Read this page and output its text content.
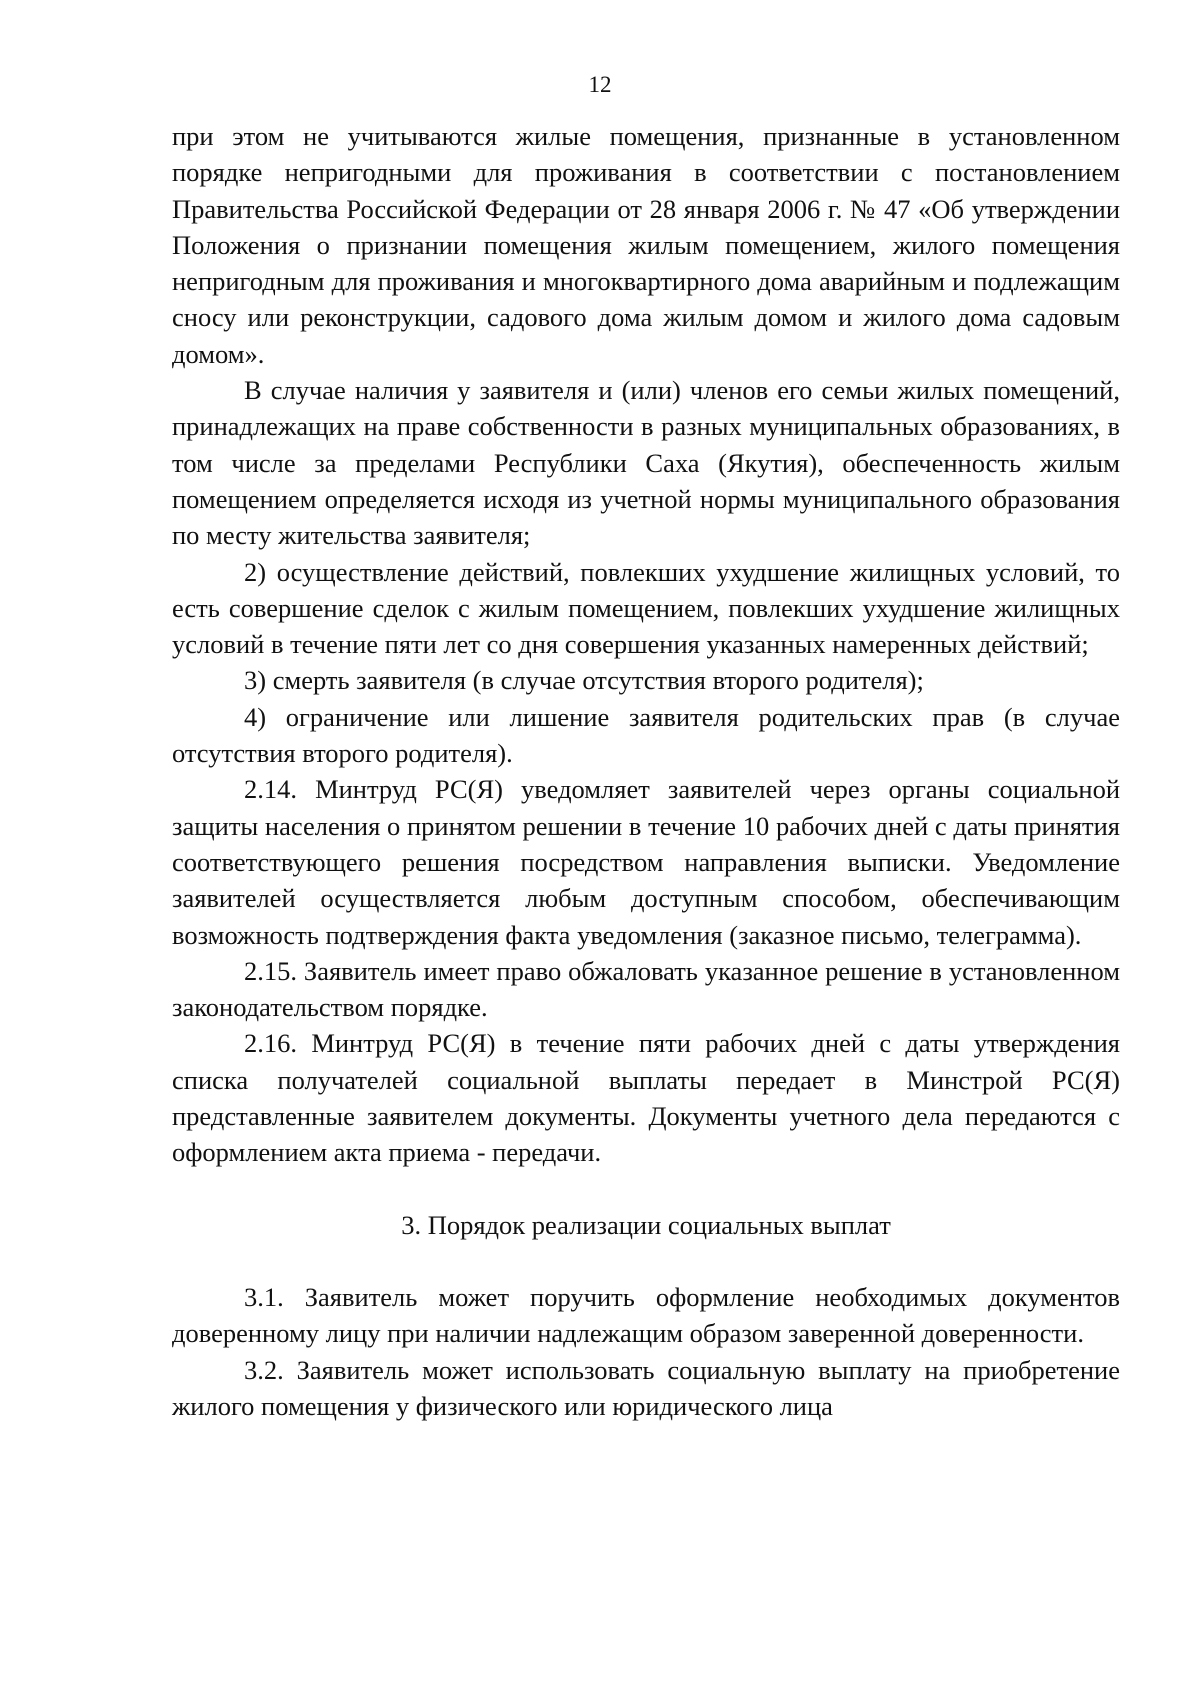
12

при этом не учитываются жилые помещения, признанные в установленном порядке непригодными для проживания в соответствии с постановлением Правительства Российской Федерации от 28 января 2006 г. № 47 «Об утверждении Положения о признании помещения жилым помещением, жилого помещения непригодным для проживания и многоквартирного дома аварийным и подлежащим сносу или реконструкции, садового дома жилым домом и жилого дома садовым домом».

В случае наличия у заявителя и (или) членов его семьи жилых помещений, принадлежащих на праве собственности в разных муниципальных образованиях, в том числе за пределами Республики Саха (Якутия), обеспеченность жилым помещением определяется исходя из учетной нормы муниципального образования по месту жительства заявителя;

2) осуществление действий, повлекших ухудшение жилищных условий, то есть совершение сделок с жилым помещением, повлекших ухудшение жилищных условий в течение пяти лет со дня совершения указанных намеренных действий;

3) смерть заявителя (в случае отсутствия второго родителя);

4) ограничение или лишение заявителя родительских прав (в случае отсутствия второго родителя).

2.14. Минтруд РС(Я) уведомляет заявителей через органы социальной защиты населения о принятом решении в течение 10 рабочих дней с даты принятия соответствующего решения посредством направления выписки. Уведомление заявителей осуществляется любым доступным способом, обеспечивающим возможность подтверждения факта уведомления (заказное письмо, телеграмма).

2.15. Заявитель имеет право обжаловать указанное решение в установленном законодательством порядке.

2.16. Минтруд РС(Я) в течение пяти рабочих дней с даты утверждения списка получателей социальной выплаты передает в Минстрой РС(Я) представленные заявителем документы. Документы учетного дела передаются с оформлением акта приема - передачи.

3. Порядок реализации социальных выплат

3.1. Заявитель может поручить оформление необходимых документов доверенному лицу при наличии надлежащим образом заверенной доверенности.

3.2. Заявитель может использовать социальную выплату на приобретение жилого помещения у физического или юридического лица
